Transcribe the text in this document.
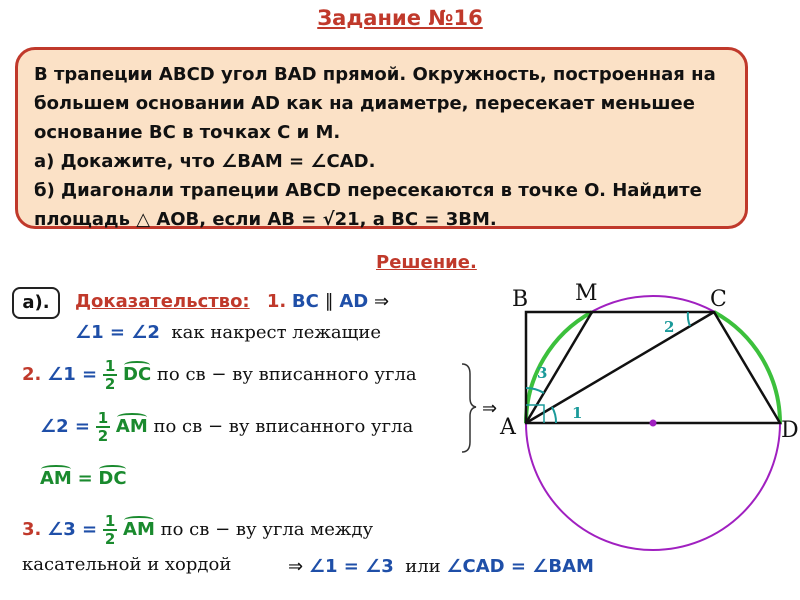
Задание №16
В трапеции ABCD угол BAD прямой. Окружность, построенная на
большем основании AD как на диаметре, пересекает меньшее
основание BC в точках C и M.
а) Докажите, что ∠BAM = ∠CAD.
б) Диагонали трапеции ABCD пересекаются в точке O. Найдите
площадь △ AOB, если AB = √21, а BC = 3BM.
Решение.
а).	Доказательство: 1. BC ∥ AD ⇒
∠1 = ∠2 как накрест лежащие
2. ∠1 = $\frac{1}{2}$ DC по св − ву вписанного угла
∠2 = $\frac{1}{2}$ AM по св − ву вписанного угла
⇒
AM = DC
3. ∠3 = $\frac{1}{2}$ AM по св − ву угла между
касательной и хордой	⇒ ∠1 = ∠3 или ∠CAD = ∠BAM
B M	C
A	D
1
2
3
